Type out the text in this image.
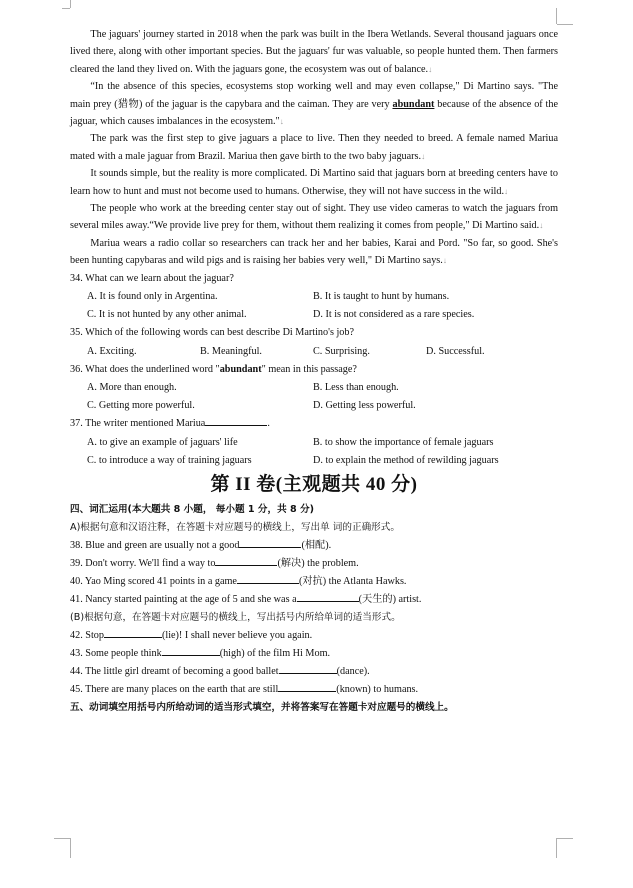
The jaguars' journey started in 2018 when the park was built in the Ibera Wetlands. Several thousand jaguars once lived there, along with other important species. But the jaguars' fur was valuable, so people hunted them. Then farmers cleared the land they lived on. With the jaguars gone, the ecosystem was out of balance.↓

“In the absence of this species, ecosystems stop working well and may even collapse," Di Martino says. "The main prey (猎物) of the jaguar is the capybara and the caiman. They are very abundant because of the absence of the jaguar, which causes imbalances in the ecosystem."↓

The park was the first step to give jaguars a place to live. Then they needed to breed. A female named Mariua mated with a male jaguar from Brazil. Mariua then gave birth to the two baby jaguars.↓

It sounds simple, but the reality is more complicated. Di Martino said that jaguars born at breeding centers have to learn how to hunt and must not become used to humans. Otherwise, they will not have success in the wild.↓

The people who work at the breeding center stay out of sight. They use video cameras to watch the jaguars from several miles away.“We provide live prey for them, without them realizing it comes from people," Di Martino said.↓

Mariua wears a radio collar so researchers can track her and her babies, Karai and Pord. "So far, so good. She's been hunting capybaras and wild pigs and is raising her babies very well," Di Martino says.↓

34. What can we learn about the jaguar?
A. It is found only in Argentina.	B. It is taught to hunt by humans.
C. It is not hunted by any other animal.	D. It is not considered as a rare species.
35. Which of the following words can best describe Di Martino's job?
A. Exciting.	B. Meaningful.	C. Surprising.	D. Successful.
36. What does the underlined word "abundant" mean in this passage?
A. More than enough.	B. Less than enough.
C. Getting more powerful.	D. Getting less powerful.
37. The writer mentioned Mariua	.
A. to give an example of jaguars' life	B. to show the importance of female jaguars
C. to introduce a way of training jaguars	D. to explain the method of rewilding jaguars
第 II 卷(主观题共 40 分)
四、词汇运用(本大题共 8 小题， 每小题 1 分，共 8 分)
A)根据句意和汉语注释，在答题卡对应题号的横线上，写出单 词的正确形式。
38. Blue and green are usually not a good	(相配).
39. Don't worry. We'll find a way to	(解决) the problem.
40. Yao Ming scored 41 points in a game	(对抗) the Atlanta Hawks.
41. Nancy started painting at the age of 5 and she was a	(天生的) artist.
(B)根据句意，在答题卡对应题号的横线上，写出括号内所给单词的适当形式。
42. Stop	(lie)! I shall never believe you again.
43. Some people think	(high) of the film Hi Mom.
44. The little girl dreamt of becoming a good ballet	(dance).
45. There are many places on the earth that are still	(known) to humans.
五、动词填空用括号内所给动词的适当形式填空，并将答案写在答题卡对应题号的横线上。
